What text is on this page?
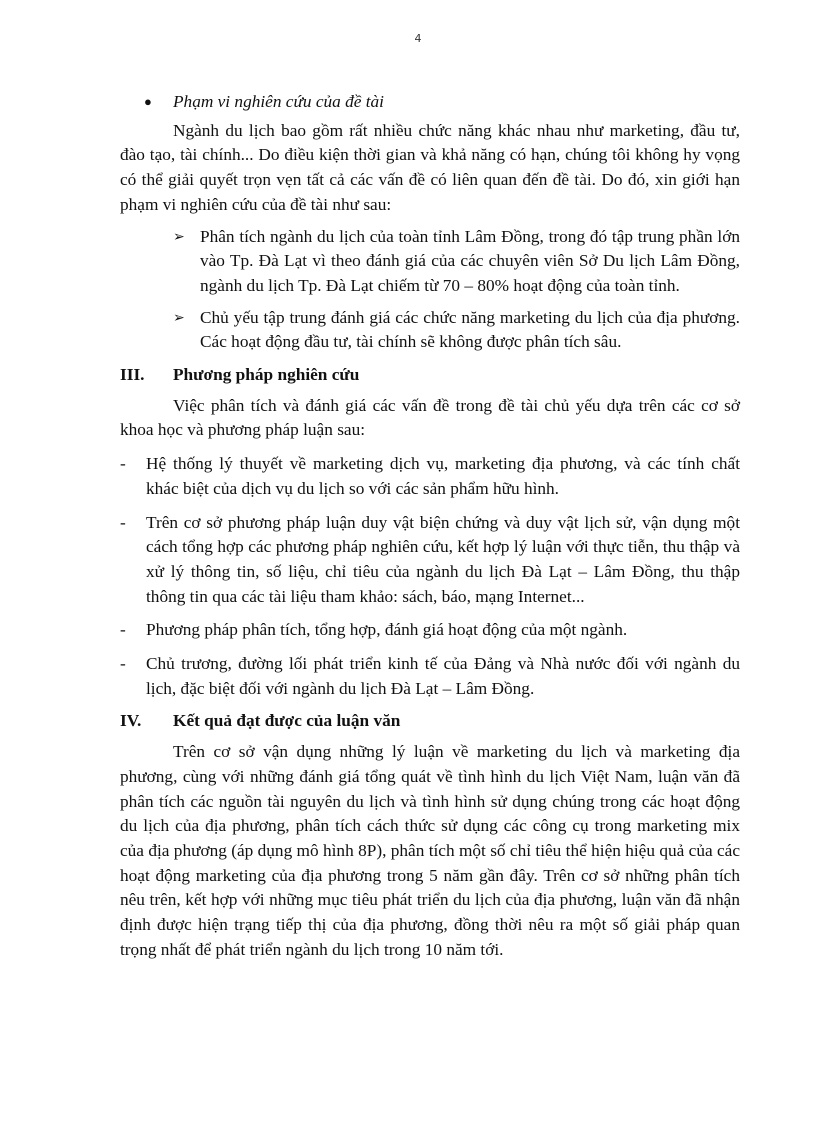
4
● Phạm vi nghiên cứu của đề tài

Ngành du lịch bao gồm rất nhiều chức năng khác nhau như marketing, đầu tư, đào tạo, tài chính... Do điều kiện thời gian và khả năng có hạn, chúng tôi không hy vọng có thể giải quyết trọn vẹn tất cả các vấn đề có liên quan đến đề tài. Do đó, xin giới hạn phạm vi nghiên cứu của đề tài như sau:

➢ Phân tích ngành du lịch của toàn tỉnh Lâm Đồng, trong đó tập trung phần lớn vào Tp. Đà Lạt vì theo đánh giá của các chuyên viên Sở Du lịch Lâm Đồng, ngành du lịch Tp. Đà Lạt chiếm từ 70 – 80% hoạt động của toàn tỉnh.
➢ Chủ yếu tập trung đánh giá các chức năng marketing du lịch của địa phương. Các hoạt động đầu tư, tài chính sẽ không được phân tích sâu.
III.	Phương pháp nghiên cứu

Việc phân tích và đánh giá các vấn đề trong đề tài chủ yếu dựa trên các cơ sở khoa học và phương pháp luận sau:

- Hệ thống lý thuyết về marketing dịch vụ, marketing địa phương, và các tính chất khác biệt của dịch vụ du lịch so với các sản phẩm hữu hình.
- Trên cơ sở phương pháp luận duy vật biện chứng và duy vật lịch sử, vận dụng một cách tổng hợp các phương pháp nghiên cứu, kết hợp lý luận với thực tiễn, thu thập và xử lý thông tin, số liệu, chỉ tiêu của ngành du lịch Đà Lạt – Lâm Đồng, thu thập thông tin qua các tài liệu tham khảo: sách, báo, mạng Internet...
- Phương pháp phân tích, tổng hợp, đánh giá hoạt động của một ngành.
- Chủ trương, đường lối phát triển kinh tế của Đảng và Nhà nước đối với ngành du lịch, đặc biệt đối với ngành du lịch Đà Lạt – Lâm Đồng.
IV.	Kết quả đạt được của luận văn

Trên cơ sở vận dụng những lý luận về marketing du lịch và marketing địa phương, cùng với những đánh giá tổng quát về tình hình du lịch Việt Nam, luận văn đã phân tích các nguồn tài nguyên du lịch và tình hình sử dụng chúng trong các hoạt động du lịch của địa phương, phân tích cách thức sử dụng các công cụ trong marketing mix của địa phương (áp dụng mô hình 8P), phân tích một số chỉ tiêu thể hiện hiệu quả của các hoạt động marketing của địa phương trong 5 năm gần đây. Trên cơ sở những phân tích nêu trên, kết hợp với những mục tiêu phát triển du lịch của địa phương, luận văn đã nhận định được hiện trạng tiếp thị của địa phương, đồng thời nêu ra một số giải pháp quan trọng nhất để phát triển ngành du lịch trong 10 năm tới.
